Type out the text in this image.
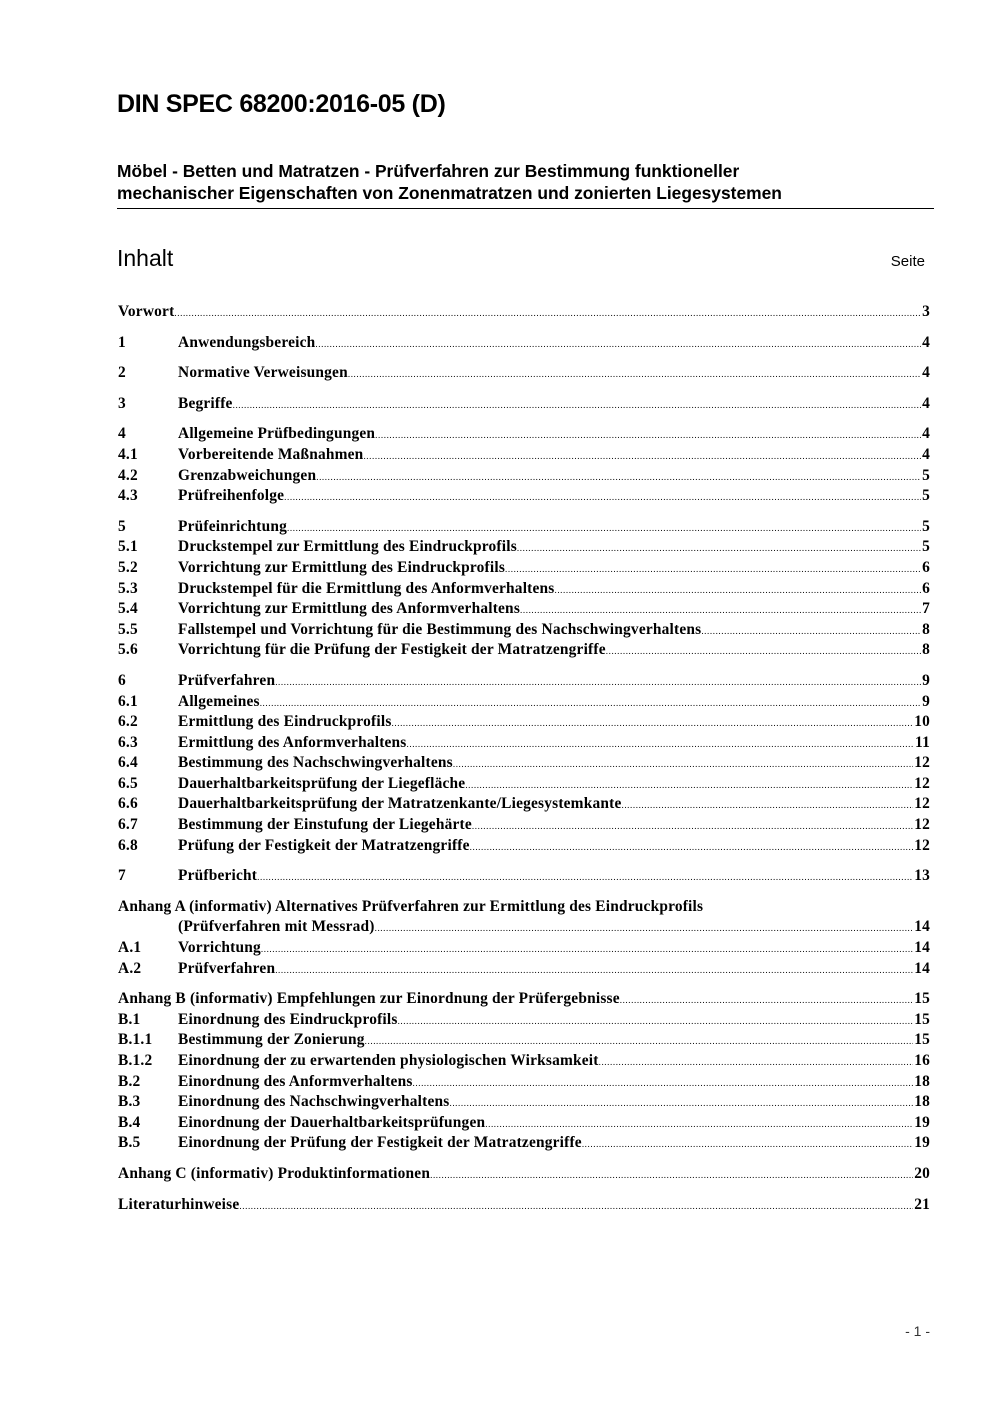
DIN SPEC 68200:2016-05 (D)
Möbel - Betten und Matratzen - Prüfverfahren zur Bestimmung funktioneller
mechanischer Eigenschaften von Zonenmatratzen und zonierten Liegesystemen
Inhalt	Seite
Vorwort .....	3
1	Anwendungsbereich .....	4
2	Normative Verweisungen .....	4
3	Begriffe .....	4
4	Allgemeine Prüfbedingungen .....	4
4.1	Vorbereitende Maßnahmen .....	4
4.2	Grenzabweichungen .....	5
4.3	Prüfreihenfolge .....	5
5	Prüfeinrichtung .....	5
5.1	Druckstempel zur Ermittlung des Eindruckprofils .....	5
5.2	Vorrichtung zur Ermittlung des Eindruckprofils .....	6
5.3	Druckstempel für die Ermittlung des Anformverhaltens .....	6
5.4	Vorrichtung zur Ermittlung des Anformverhaltens .....	7
5.5	Fallstempel und Vorrichtung für die Bestimmung des Nachschwingverhaltens .....	8
5.6	Vorrichtung für die Prüfung der Festigkeit der Matratzengriffe .....	8
6	Prüfverfahren .....	9
6.1	Allgemeines .....	9
6.2	Ermittlung des Eindruckprofils .....	10
6.3	Ermittlung des Anformverhaltens .....	11
6.4	Bestimmung des Nachschwingverhaltens .....	12
6.5	Dauerhaltbarkeitsprüfung der Liegefläche .....	12
6.6	Dauerhaltbarkeitsprüfung der Matratzenkante/Liegesystemkante .....	12
6.7	Bestimmung der Einstufung der Liegehärte .....	12
6.8	Prüfung der Festigkeit der Matratzengriffe .....	12
7	Prüfbericht .....	13
Anhang A (informativ) Alternatives Prüfverfahren zur Ermittlung des Eindruckprofils
(Prüfverfahren mit Messrad) .....	14
A.1	Vorrichtung .....	14
A.2	Prüfverfahren .....	14
Anhang B (informativ) Empfehlungen zur Einordnung der Prüfergebnisse .....	15
B.1	Einordnung des Eindruckprofils .....	15
B.1.1	Bestimmung der Zonierung .....	15
B.1.2	Einordnung der zu erwartenden physiologischen Wirksamkeit .....	16
B.2	Einordnung des Anformverhaltens .....	18
B.3	Einordnung des Nachschwingverhaltens .....	18
B.4	Einordnung der Dauerhaltbarkeitsprüfungen .....	19
B.5	Einordnung der Prüfung der Festigkeit der Matratzengriffe .....	19
Anhang C (informativ) Produktinformationen .....	20
Literaturhinweise .....	21
- 1 -
